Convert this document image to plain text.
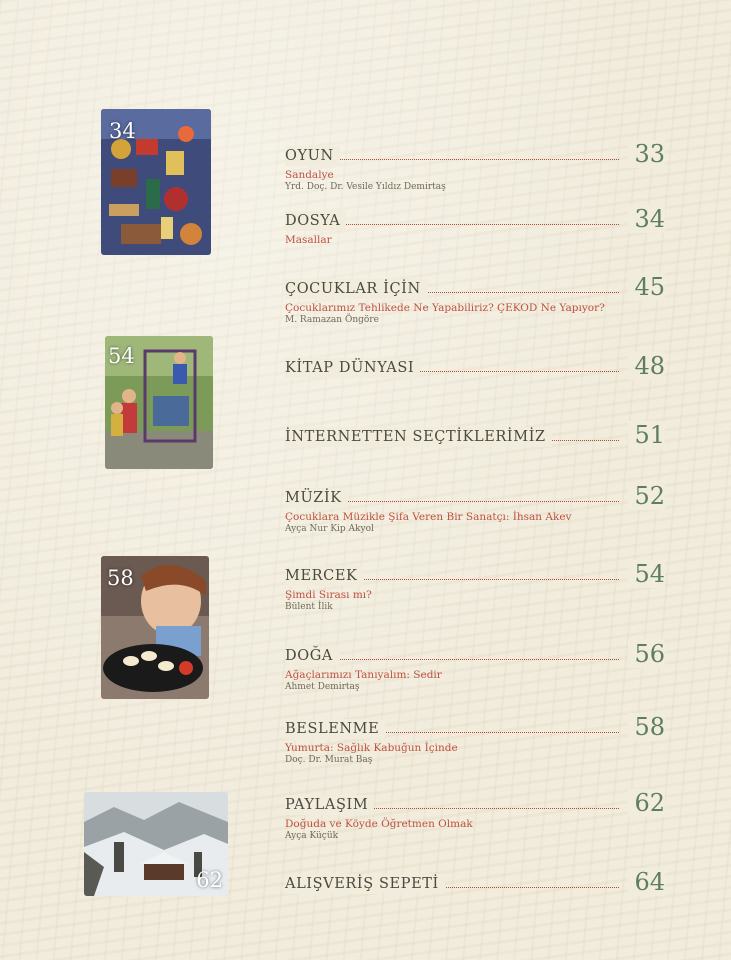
34
54
58
62
OYUN	33
Sandalye
Yrd. Doç. Dr. Vesile Yıldız Demirtaş
DOSYA	34
Masallar
ÇOCUKLAR İÇİN	45
Çocuklarımız Tehlikede Ne Yapabiliriz? ÇEKOD Ne Yapıyor?
M. Ramazan Öngöre
KİTAP DÜNYASI	48
İNTERNETTEN SEÇTİKLERİMİZ	51
MÜZİK	52
Çocuklara Müzikle Şifa Veren Bir Sanatçı: İhsan Akev
Ayça Nur Kip Akyol
MERCEK	54
Şimdi Sırası mı?
Bülent İlik
DOĞA	56
Ağaçlarımızı Tanıyalım: Sedir
Ahmet Demirtaş
BESLENME	58
Yumurta: Sağlık Kabuğun İçinde
Doç. Dr. Murat Baş
PAYLAŞIM	62
Doğuda ve Köyde Öğretmen Olmak
Ayça Küçük
ALIŞVERİŞ SEPETİ	64
